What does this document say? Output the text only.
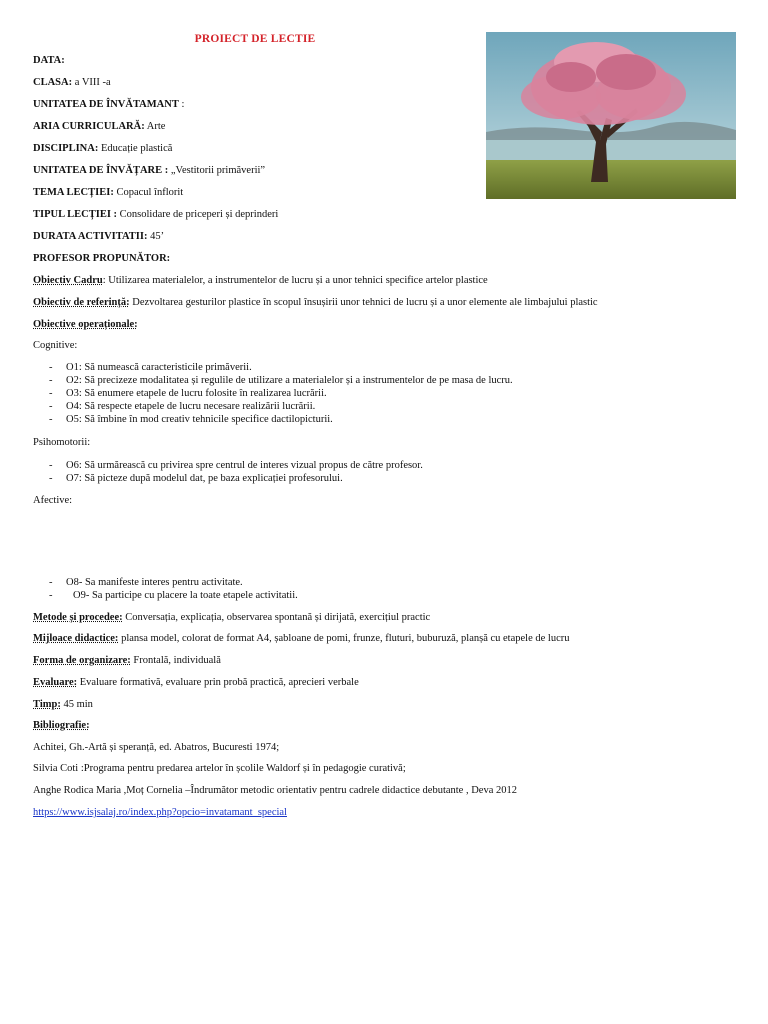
PROIECT DE LECTIE
DATA:
CLASA: a VIII -a
UNITATEA DE ÎNVĂTAMANT :
ARIA CURRICULARĂ: Arte
DISCIPLINA: Educație plastică
UNITATEA DE ÎNVĂȚARE : „Vestitorii primăverii”
TEMA LECȚIEI: Copacul înflorit
TIPUL LECȚIEI : Consolidare de priceperi și deprinderi
DURATA ACTIVITATII: 45’
PROFESOR PROPUNĂTOR:
Obiectiv Cadru: Utilizarea materialelor, a instrumentelor de lucru și a unor tehnici specifice artelor plastice
Obiectiv de referință: Dezvoltarea gesturilor plastice în scopul însușirii unor tehnici de lucru și a unor elemente ale limbajului plastic
Obiective operaționale:
Cognitive:
- O1: Să numească caracteristicile primăverii.
- O2: Să precizeze modalitatea și regulile de utilizare a materialelor și a instrumentelor de pe masa de lucru.
- O3: Să enumere etapele de lucru folosite în realizarea lucrării.
- O4: Să respecte etapele de lucru necesare realizării lucrării.
- O5: Să îmbine în mod creativ tehnicile specifice dactilopicturii.
Psihomotorii:
- O6: Să urmărească cu privirea spre centrul de interes vizual propus de către profesor.
- O7: Să picteze după modelul dat, pe baza explicației profesorului.
Afective:
- O8- Sa manifeste interes pentru activitate.
- O9- Sa participe cu placere la toate etapele activitatii.
Metode și procedee: Conversația, explicația, observarea spontană și dirijată, exercițiul practic
Mijloace didactice: plansa model, colorat de format A4, șabloane de pomi, frunze, fluturi, buburuză, planșă cu etapele de lucru
Forma de organizare: Frontală, individuală
Evaluare: Evaluare formativă, evaluare prin probă practică, aprecieri verbale
Timp: 45 min
Bibliografie:
Achitei, Gh.-Artă și speranță, ed. Abatros, Bucuresti 1974;
Silvia Coti :Programa pentru predarea artelor în școlile Waldorf și în pedagogie curativă;
Anghe Rodica Maria ,Moț Cornelia –Îndrumător metodic orientativ pentru cadrele didactice debutante , Deva 2012
https://www.isjsalaj.ro/index.php?opcio=invatamant_special
